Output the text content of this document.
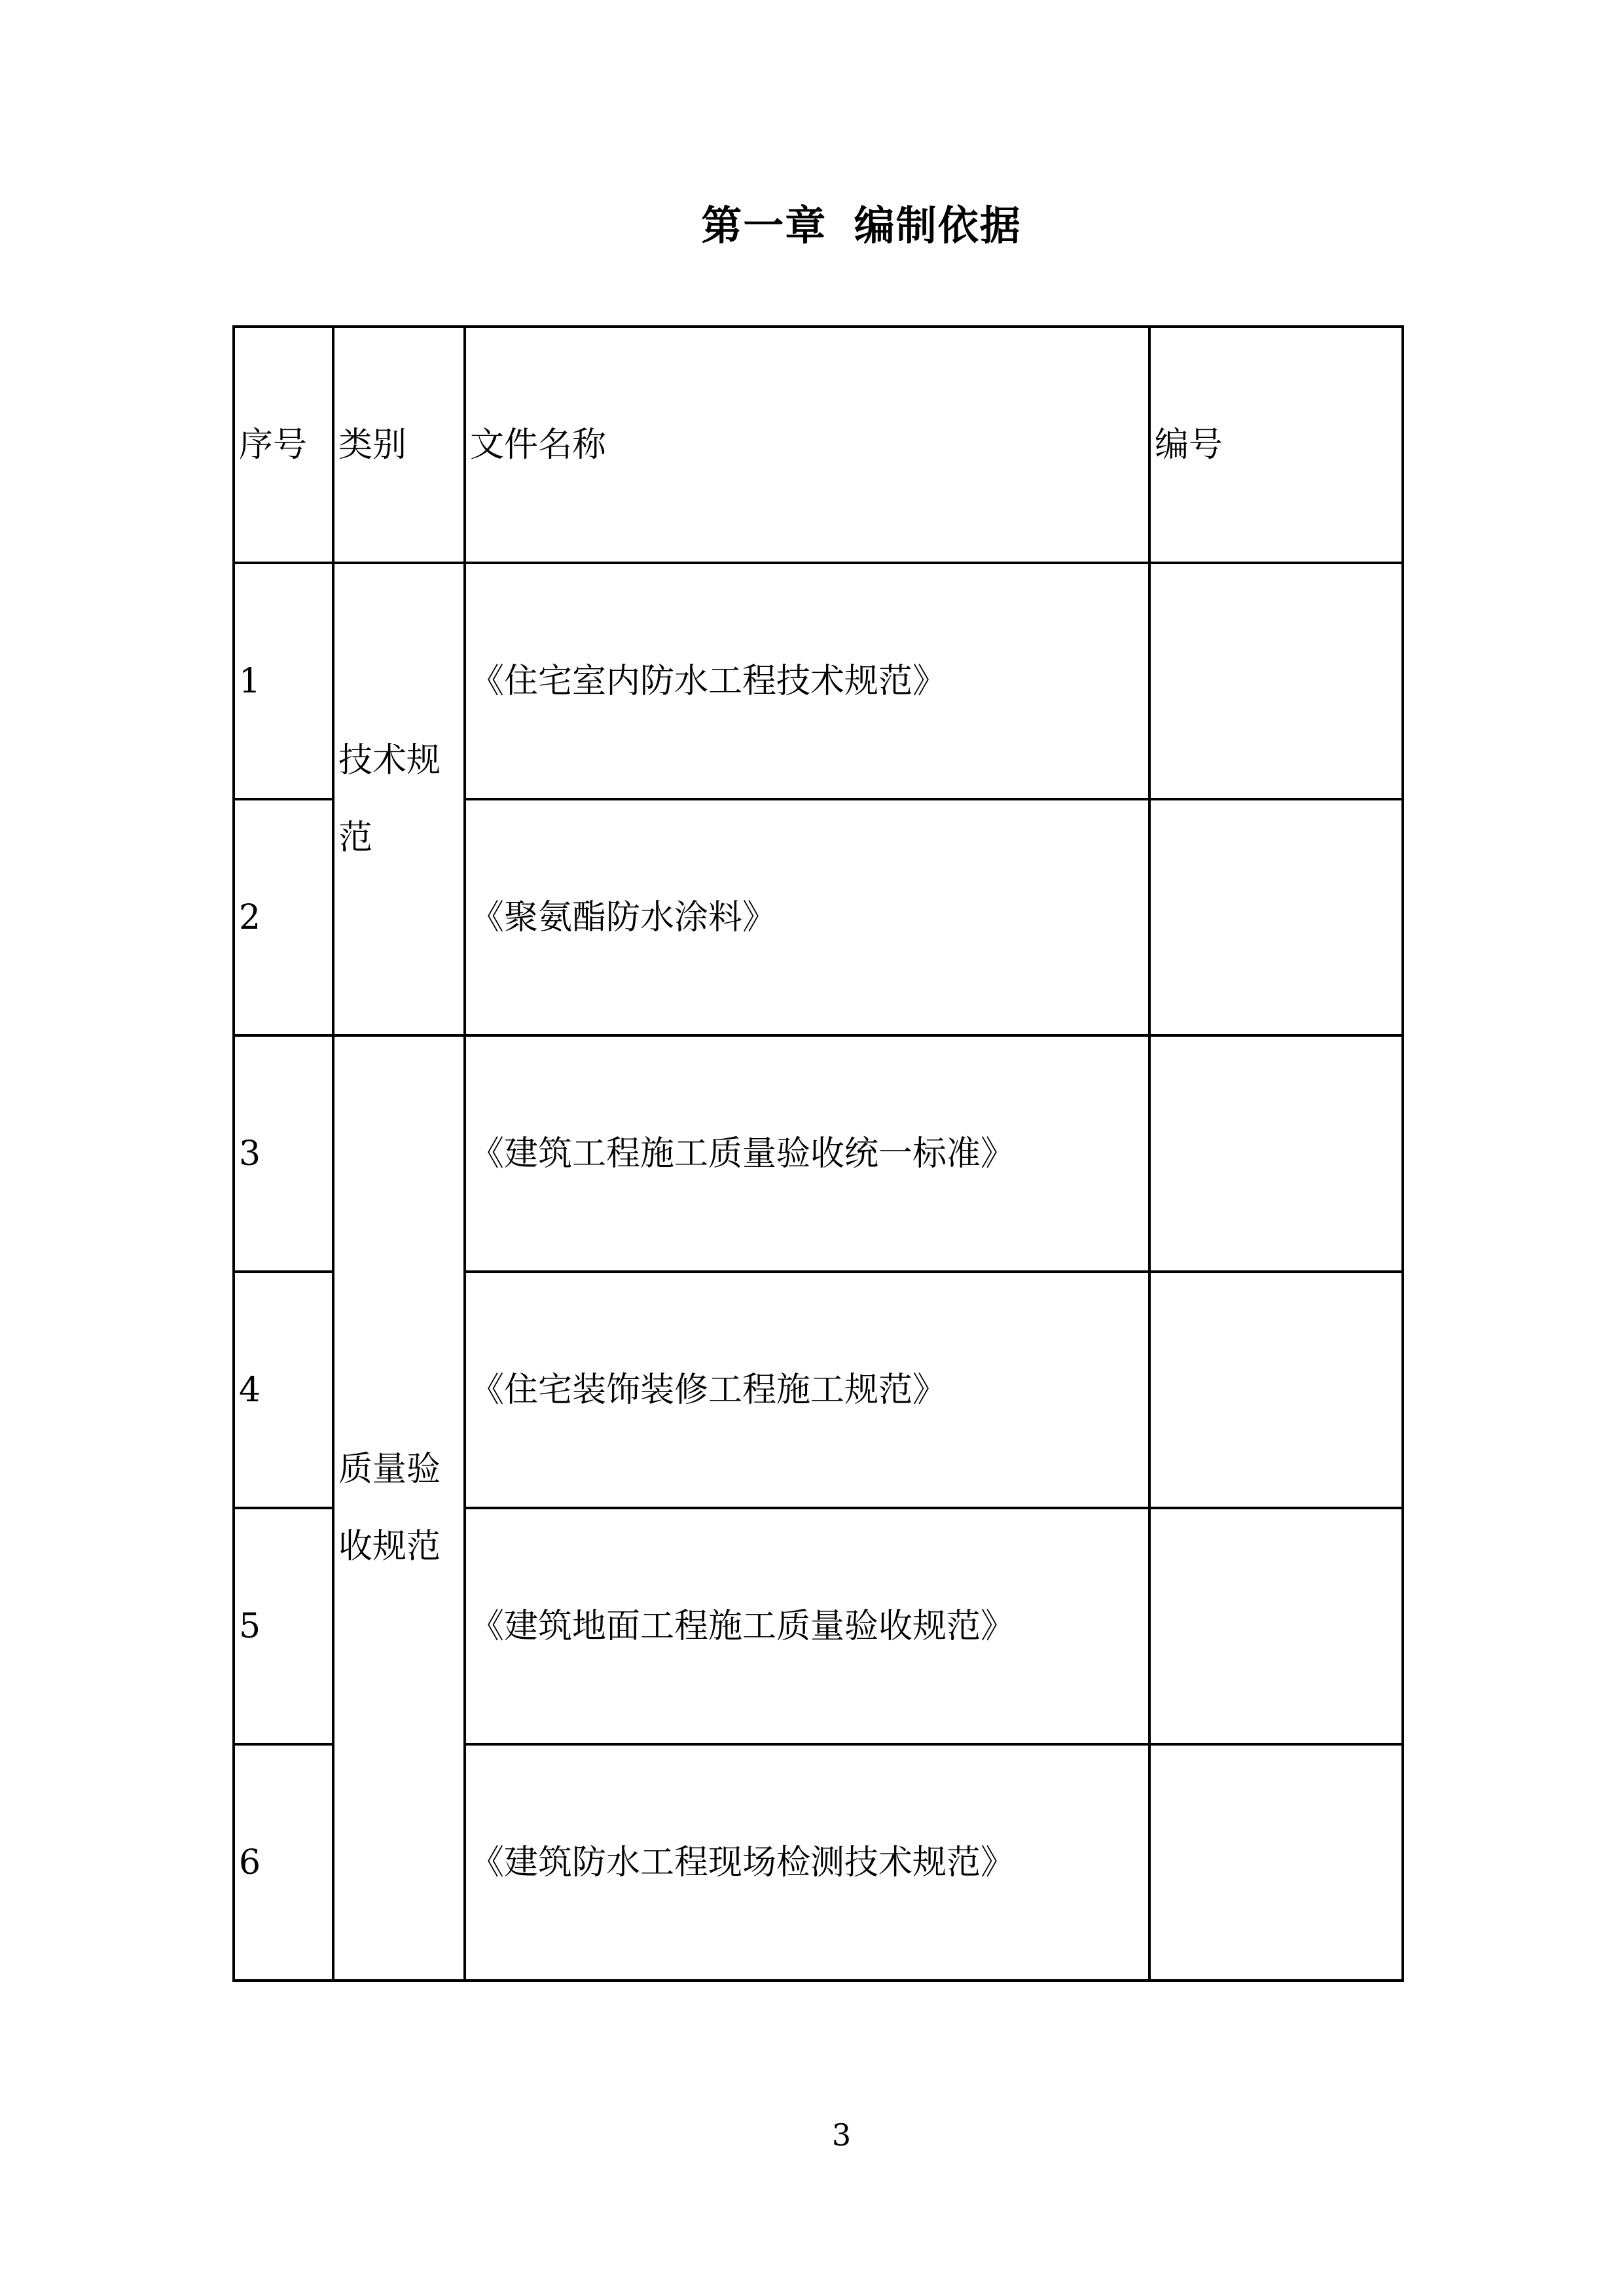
第一章 编制依据
序号	类别	文件名称	编号
1	技术规范	《住宅室内防水工程技术规范》	
2		《聚氨酯防水涂料》	
3	质量验收规范	《建筑工程施工质量验收统一标准》	
4		《住宅装饰装修工程施工规范》	
5		《建筑地面工程施工质量验收规范》	
6		《建筑防水工程现场检测技术规范》	
3
